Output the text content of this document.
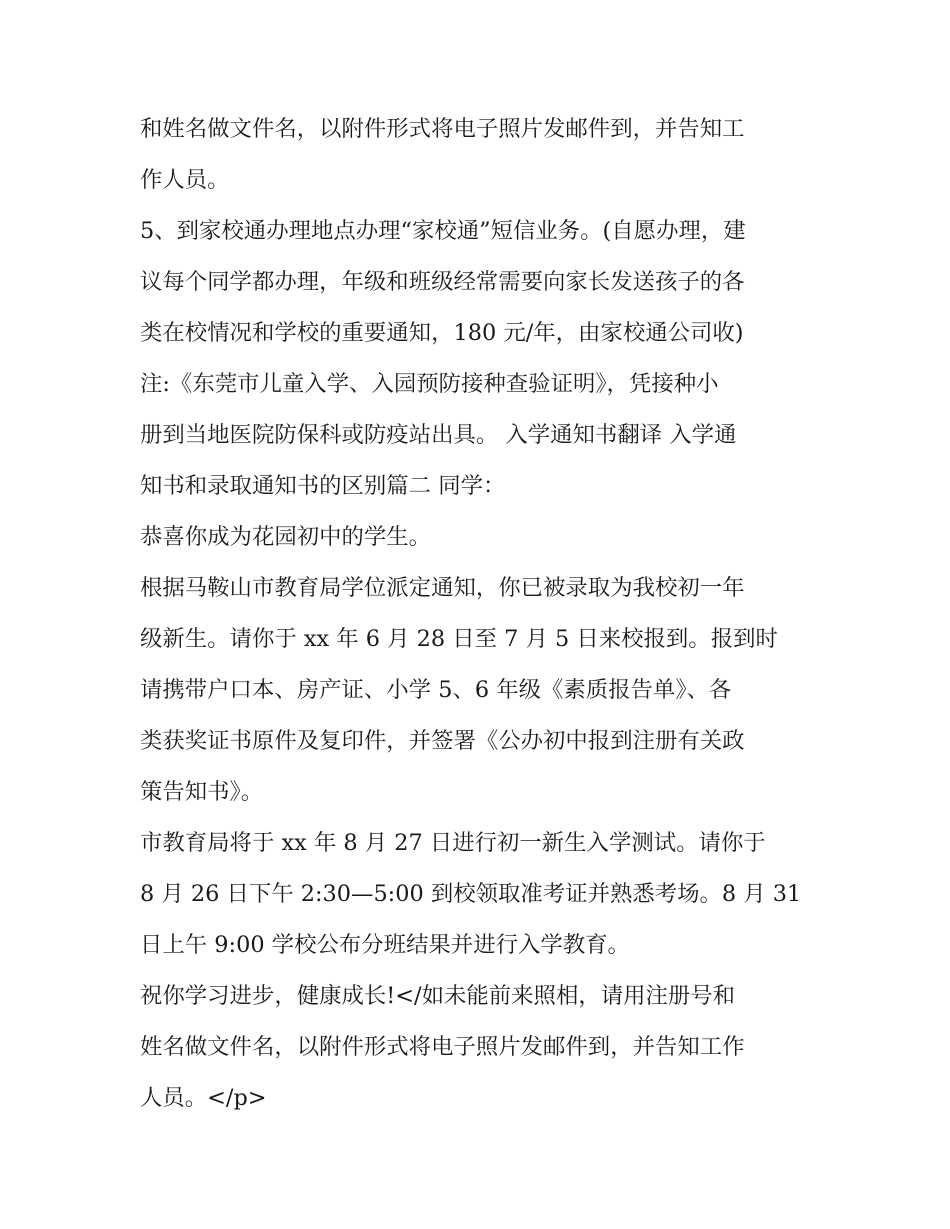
和姓名做文件名，以附件形式将电子照片发邮件到，并告知工
作人员。
5、到家校通办理地点办理“家校通”短信业务。(自愿办理，建
议每个同学都办理，年级和班级经常需要向家长发送孩子的各
类在校情况和学校的重要通知，180 元/年，由家校通公司收)
注:《东莞市儿童入学、入园预防接种查验证明》，凭接种小
册到当地医院防保科或防疫站出具。 入学通知书翻译 入学通
知书和录取通知书的区别篇二 同学：
恭喜你成为花园初中的学生。
根据马鞍山市教育局学位派定通知，你已被录取为我校初一年
级新生。请你于 xx 年 6 月 28 日至 7 月 5 日来校报到。报到时
请携带户口本、房产证、小学 5、6 年级《素质报告单》、各
类获奖证书原件及复印件，并签署《公办初中报到注册有关政
策告知书》。
市教育局将于 xx 年 8 月 27 日进行初一新生入学测试。请你于
8 月 26 日下午 2:30—5:00 到校领取准考证并熟悉考场。8 月 31
日上午 9:00 学校公布分班结果并进行入学教育。
祝你学习进步，健康成长!</如未能前来照相，请用注册号和
姓名做文件名，以附件形式将电子照片发邮件到，并告知工作
人员。</p>
